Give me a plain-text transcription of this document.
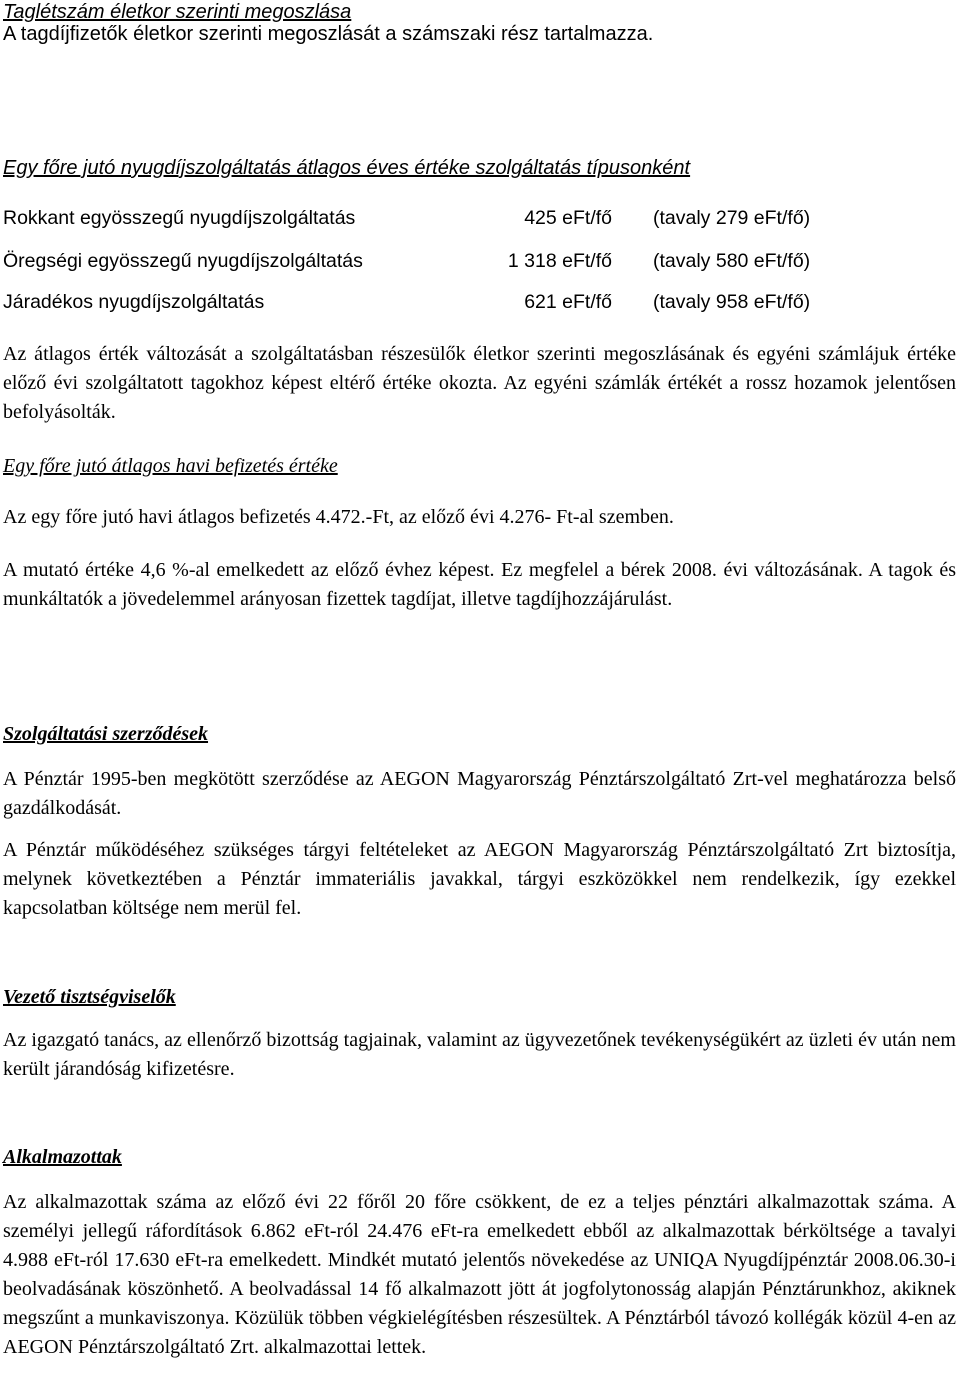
Taglétszám életkor szerinti megoszlása
A tagdíjfizetők életkor szerinti megoszlását a számszaki rész tartalmazza.
Egy főre jutó nyugdíjszolgáltatás átlagos éves értéke szolgáltatás típusonként
Rokkant egyösszegű nyugdíjszolgáltatás	425 eFt/fő (tavaly 279 eFt/fő)
Öregségi egyösszegű nyugdíjszolgáltatás	1 318 eFt/fő (tavaly 580 eFt/fő)
Járadékos nyugdíjszolgáltatás	621 eFt/fő (tavaly 958 eFt/fő)
Az átlagos érték változását a szolgáltatásban részesülők életkor szerinti megoszlásának és egyéni számlájuk értéke előző évi szolgáltatott tagokhoz képest eltérő értéke okozta. Az egyéni számlák értékét a rossz hozamok jelentősen befolyásolták.
Egy főre jutó átlagos havi befizetés értéke
Az egy főre jutó havi átlagos befizetés 4.472.-Ft, az előző évi 4.276- Ft-al szemben.
A mutató értéke 4,6 %-al emelkedett az előző évhez képest. Ez megfelel a bérek 2008. évi változásának. A tagok és munkáltatók a jövedelemmel arányosan fizettek tagdíjat, illetve tagdíjhozzájárulást.
Szolgáltatási szerződések
A Pénztár 1995-ben megkötött szerződése az AEGON Magyarország Pénztárszolgáltató Zrt-vel meghatározza belső gazdálkodását.
A Pénztár működéséhez szükséges tárgyi feltételeket az AEGON Magyarország Pénztárszolgáltató Zrt biztosítja, melynek következtében a Pénztár immateriális javakkal, tárgyi eszközökkel nem rendelkezik, így ezekkel kapcsolatban költsége nem merül fel.
Vezető tisztségviselők
Az igazgató tanács, az ellenőrző bizottság tagjainak, valamint az ügyvezetőnek tevékenységükért az üzleti év után nem került járandóság kifizetésre.
Alkalmazottak
Az alkalmazottak száma az előző évi 22 főről 20 főre csökkent, de ez a teljes pénztári alkalmazottak száma. A személyi jellegű ráfordítások 6.862 eFt-ról 24.476 eFt-ra emelkedett ebből az alkalmazottak bérköltsége a tavalyi 4.988 eFt-ról 17.630 eFt-ra emelkedett. Mindkét mutató jelentős növekedése az UNIQA Nyugdíjpénztár 2008.06.30-i beolvadásának köszönhető. A beolvadással 14 fő alkalmazott jött át jogfolytonosság alapján Pénztárunkhoz, akiknek megszűnt a munkaviszonya. Közülük többen végkielégítésben részesültek. A Pénztárból távozó kollégák közül 4-en az AEGON Pénztárszolgáltató Zrt. alkalmazottai lettek.
